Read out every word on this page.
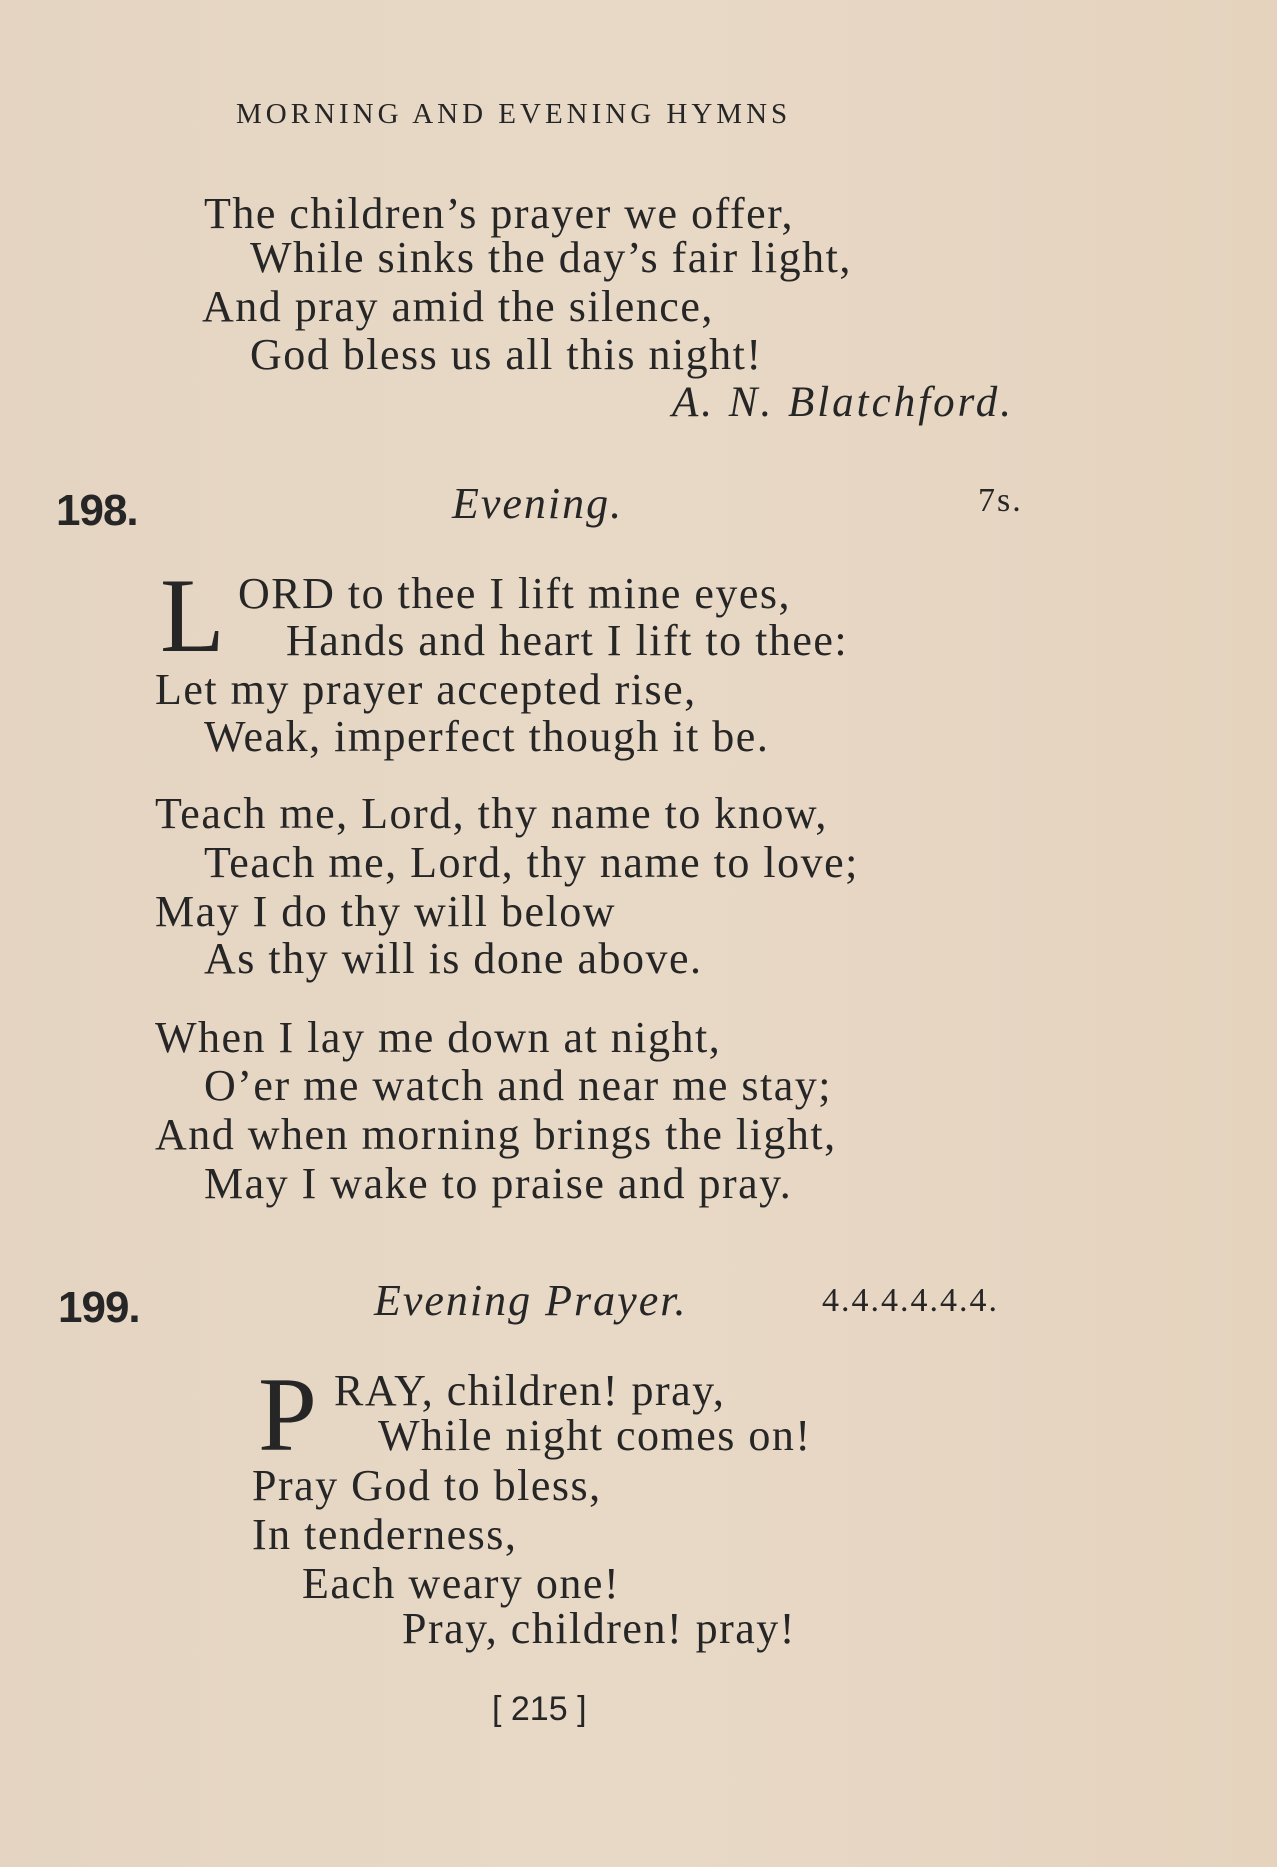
MORNING AND EVENING HYMNS
The children’s prayer we offer,
While sinks the day’s fair light,
And pray amid the silence,
God bless us all this night!
A. N. Blatchford.
198.	Evening.	7s.
L ORD to thee I lift mine eyes,
Hands and heart I lift to thee:
Let my prayer accepted rise,
Weak, imperfect though it be.
Teach me, Lord, thy name to know,
Teach me, Lord, thy name to love;
May I do thy will below
As thy will is done above.
When I lay me down at night,
O’er me watch and near me stay;
And when morning brings the light,
May I wake to praise and pray.
199.	Evening Prayer.	4.4.4.4.4.4.
P RAY, children! pray,
While night comes on!
Pray God to bless,
In tenderness,
Each weary one!
Pray, children! pray!
[ 215 ]
